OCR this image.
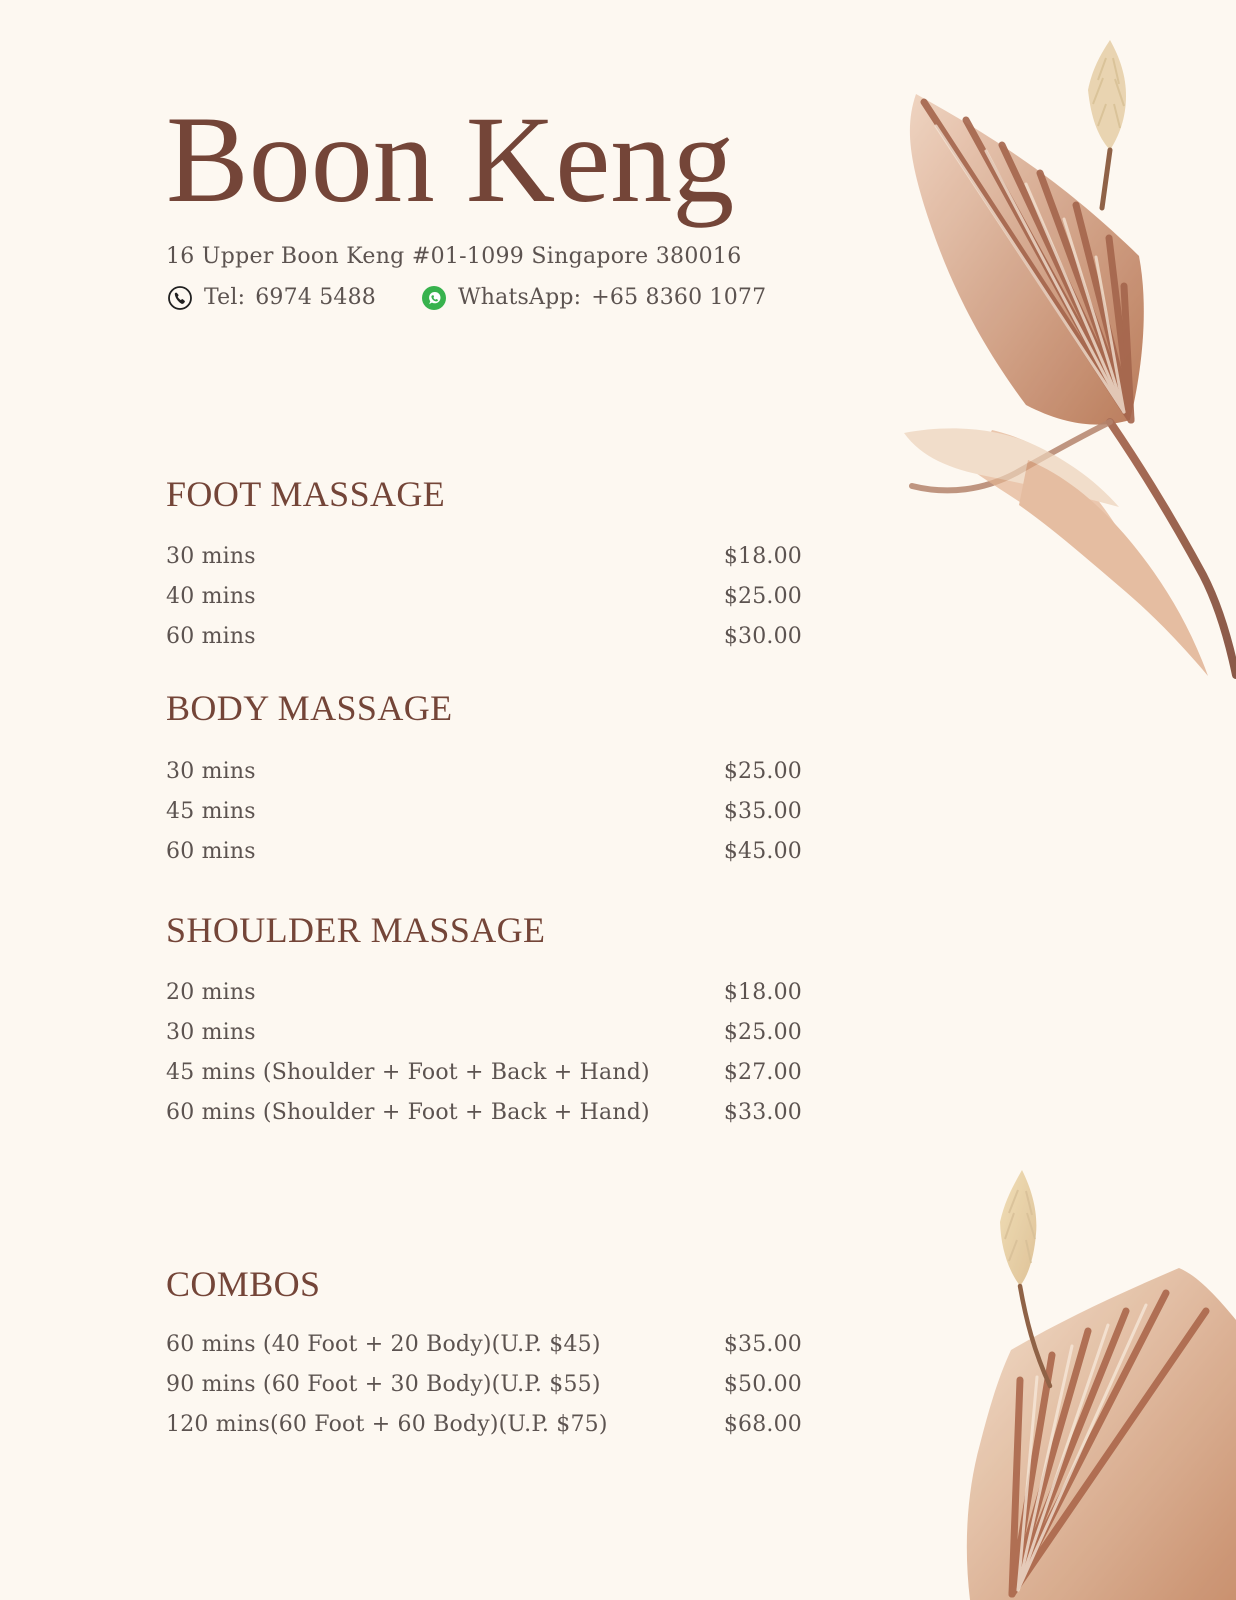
Boon Keng
16 Upper Boon Keng #01-1099 Singapore 380016
Tel: 6974 5488	WhatsApp: +65 8360 1077
FOOT MASSAGE
30 mins	$18.00
40 mins	$25.00
60 mins	$30.00
BODY MASSAGE
30 mins	$25.00
45 mins	$35.00
60 mins	$45.00
SHOULDER MASSAGE
20 mins	$18.00
30 mins	$25.00
45 mins (Shoulder + Foot + Back + Hand)	$27.00
60 mins (Shoulder + Foot + Back + Hand)	$33.00
COMBOS
60 mins (40 Foot + 20 Body)(U.P. $45)	$35.00
90 mins (60 Foot + 30 Body)(U.P. $55)	$50.00
120 mins(60 Foot + 60 Body)(U.P. $75)	$68.00
